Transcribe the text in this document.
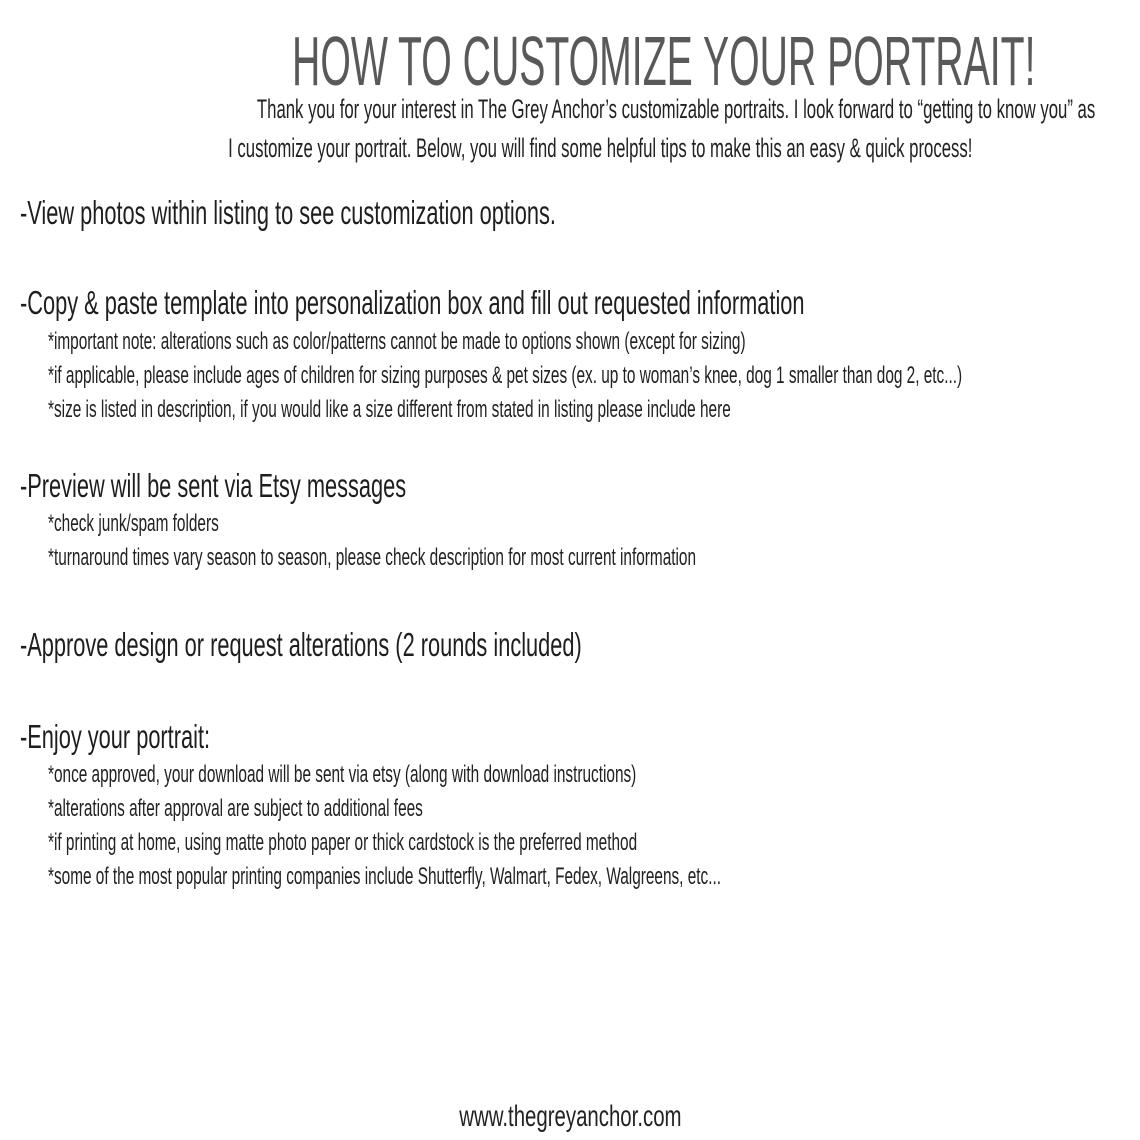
HOW TO CUSTOMIZE YOUR PORTRAIT!
Thank you for your interest in The Grey Anchor’s customizable portraits. I look forward to “getting to know you” as
I customize your portrait. Below, you will find some helpful tips to make this an easy & quick process!
-View photos within listing to see customization options.
-Copy & paste template into personalization box and fill out requested information
*important note: alterations such as color/patterns cannot be made to options shown (except for sizing)
*if applicable, please include ages of children for sizing purposes & pet sizes (ex. up to woman’s knee, dog 1 smaller than dog 2, etc...)
*size is listed in description, if you would like a size different from stated in listing please include here
-Preview will be sent via Etsy messages
*check junk/spam folders
*turnaround times vary season to season, please check description for most current information
-Approve design or request alterations (2 rounds included)
-Enjoy your portrait:
*once approved, your download will be sent via etsy (along with download instructions)
*alterations after approval are subject to additional fees
*if printing at home, using matte photo paper or thick cardstock is the preferred method
*some of the most popular printing companies include Shutterfly, Walmart, Fedex, Walgreens, etc...
www.thegreyanchor.com
